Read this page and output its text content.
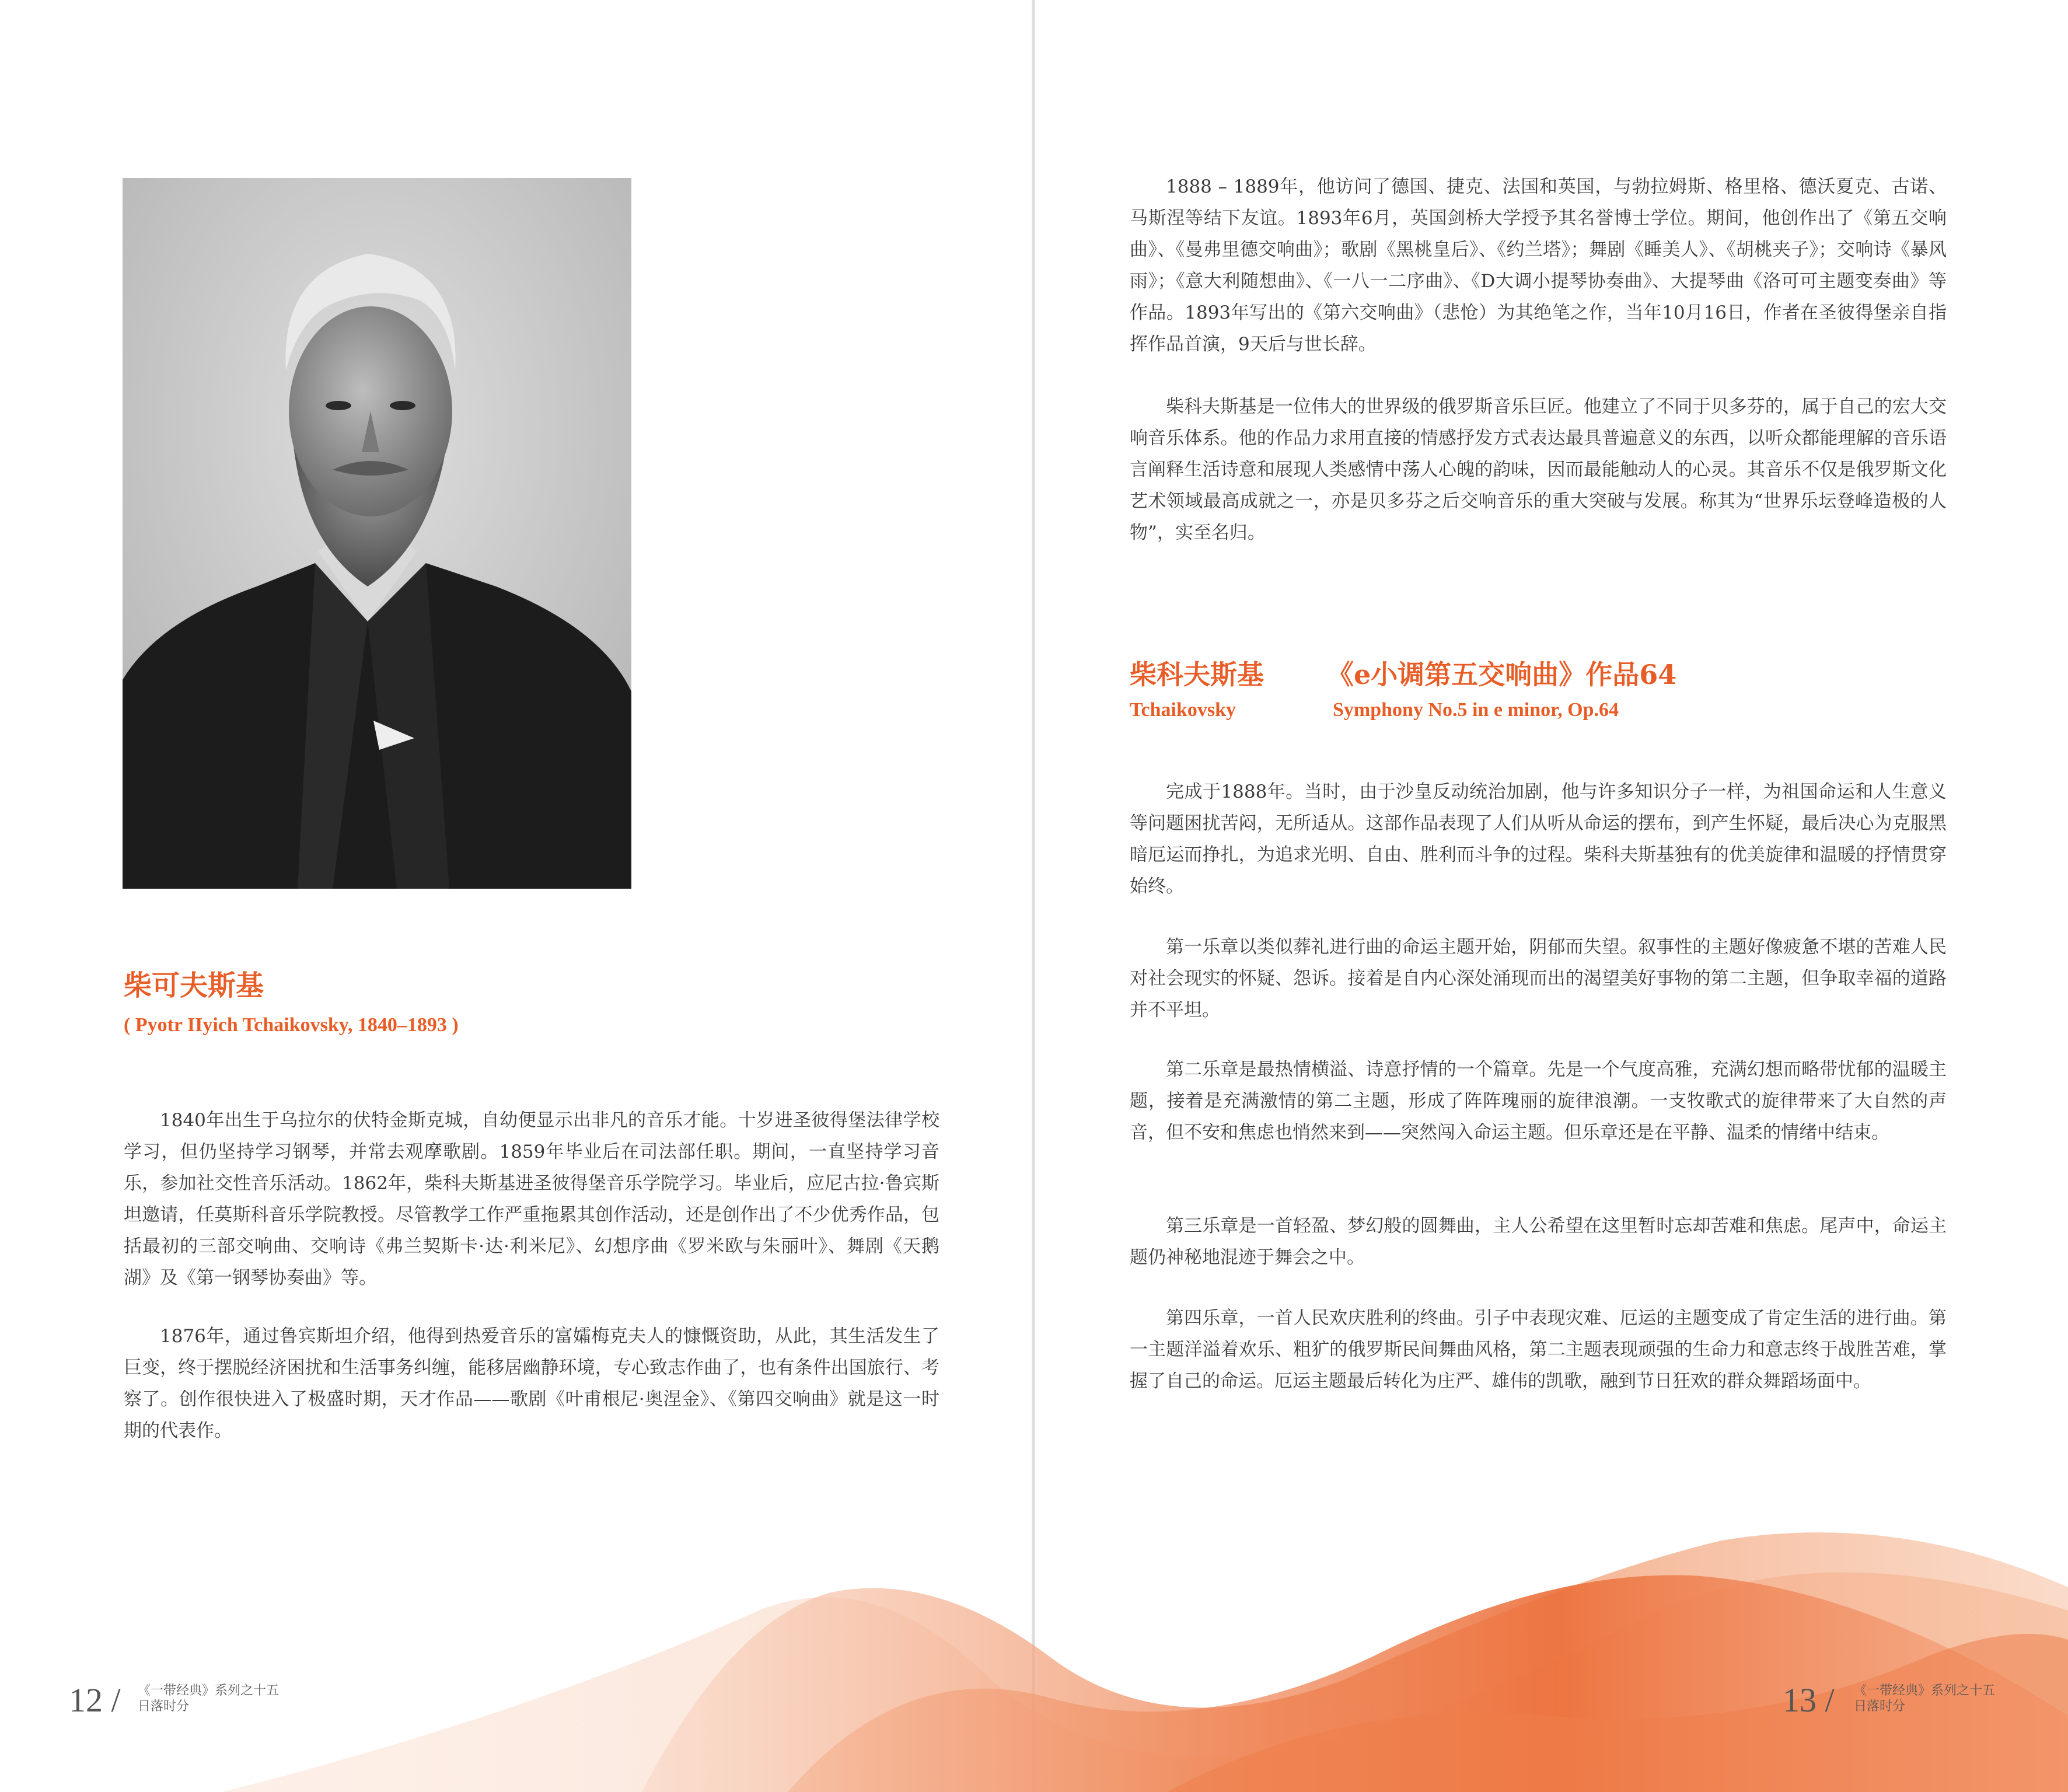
柴可夫斯基
( Pyotr IIyich Tchaikovsky, 1840–1893 )

1840年出生于乌拉尔的伏特金斯克城，自幼便显示出非凡的音乐才能。十岁进圣彼得堡法律学校学习，但仍坚持学习钢琴，并常去观摩歌剧。1859年毕业后在司法部任职。期间，一直坚持学习音乐，参加社交性音乐活动。1862年，柴科夫斯基进圣彼得堡音乐学院学习。毕业后，应尼古拉·鲁宾斯坦邀请，任莫斯科音乐学院教授。尽管教学工作严重拖累其创作活动，还是创作出了不少优秀作品，包括最初的三部交响曲、交响诗《弗兰契斯卡·达·利米尼》、幻想序曲《罗米欧与朱丽叶》、舞剧《天鹅湖》及《第一钢琴协奏曲》等。

1876年，通过鲁宾斯坦介绍，他得到热爱音乐的富孀梅克夫人的慷慨资助，从此，其生活发生了巨变，终于摆脱经济困扰和生活事务纠缠，能移居幽静环境，专心致志作曲了，也有条件出国旅行、考察了。创作很快进入了极盛时期，天才作品——歌剧《叶甫根尼·奥涅金》、《第四交响曲》就是这一时期的代表作。

1888 – 1889年，他访问了德国、捷克、法国和英国，与勃拉姆斯、格里格、德沃夏克、古诺、马斯涅等结下友谊。1893年6月，英国剑桥大学授予其名誉博士学位。期间，他创作出了《第五交响曲》、《曼弗里德交响曲》；歌剧《黑桃皇后》、《约兰塔》；舞剧《睡美人》、《胡桃夹子》；交响诗《暴风雨》；《意大利随想曲》、《一八一二序曲》、《D大调小提琴协奏曲》、大提琴曲《洛可可主题变奏曲》等作品。1893年写出的《第六交响曲》（悲怆）为其绝笔之作，当年10月16日，作者在圣彼得堡亲自指挥作品首演，9天后与世长辞。

柴科夫斯基是一位伟大的世界级的俄罗斯音乐巨匠。他建立了不同于贝多芬的，属于自己的宏大交响音乐体系。他的作品力求用直接的情感抒发方式表达最具普遍意义的东西，以听众都能理解的音乐语言阐释生活诗意和展现人类感情中荡人心魄的韵味，因而最能触动人的心灵。其音乐不仅是俄罗斯文化艺术领域最高成就之一，亦是贝多芬之后交响音乐的重大突破与发展。称其为“世界乐坛登峰造极的人物”，实至名归。

柴科夫斯基 《e小调第五交响曲》作品64
Tchaikovsky	Symphony No.5 in e minor, Op.64

完成于1888年。当时，由于沙皇反动统治加剧，他与许多知识分子一样，为祖国命运和人生意义等问题困扰苦闷，无所适从。这部作品表现了人们从听从命运的摆布，到产生怀疑，最后决心为克服黑暗厄运而挣扎，为追求光明、自由、胜利而斗争的过程。柴科夫斯基独有的优美旋律和温暖的抒情贯穿始终。

第一乐章以类似葬礼进行曲的命运主题开始，阴郁而失望。叙事性的主题好像疲惫不堪的苦难人民对社会现实的怀疑、怨诉。接着是自内心深处涌现而出的渴望美好事物的第二主题，但争取幸福的道路并不平坦。

第二乐章是最热情横溢、诗意抒情的一个篇章。先是一个气度高雅，充满幻想而略带忧郁的温暖主题，接着是充满激情的第二主题，形成了阵阵瑰丽的旋律浪潮。一支牧歌式的旋律带来了大自然的声音，但不安和焦虑也悄然来到——突然闯入命运主题。但乐章还是在平静、温柔的情绪中结束。

第三乐章是一首轻盈、梦幻般的圆舞曲，主人公希望在这里暂时忘却苦难和焦虑。尾声中，命运主题仍神秘地混迹于舞会之中。

第四乐章，一首人民欢庆胜利的终曲。引子中表现灾难、厄运的主题变成了肯定生活的进行曲。第一主题洋溢着欢乐、粗犷的俄罗斯民间舞曲风格，第二主题表现顽强的生命力和意志终于战胜苦难，掌握了自己的命运。厄运主题最后转化为庄严、雄伟的凯歌，融到节日狂欢的群众舞蹈场面中。

12 / 《一带经典》系列之十五
日落时分	13 / 《一带经典》系列之十五
日落时分
